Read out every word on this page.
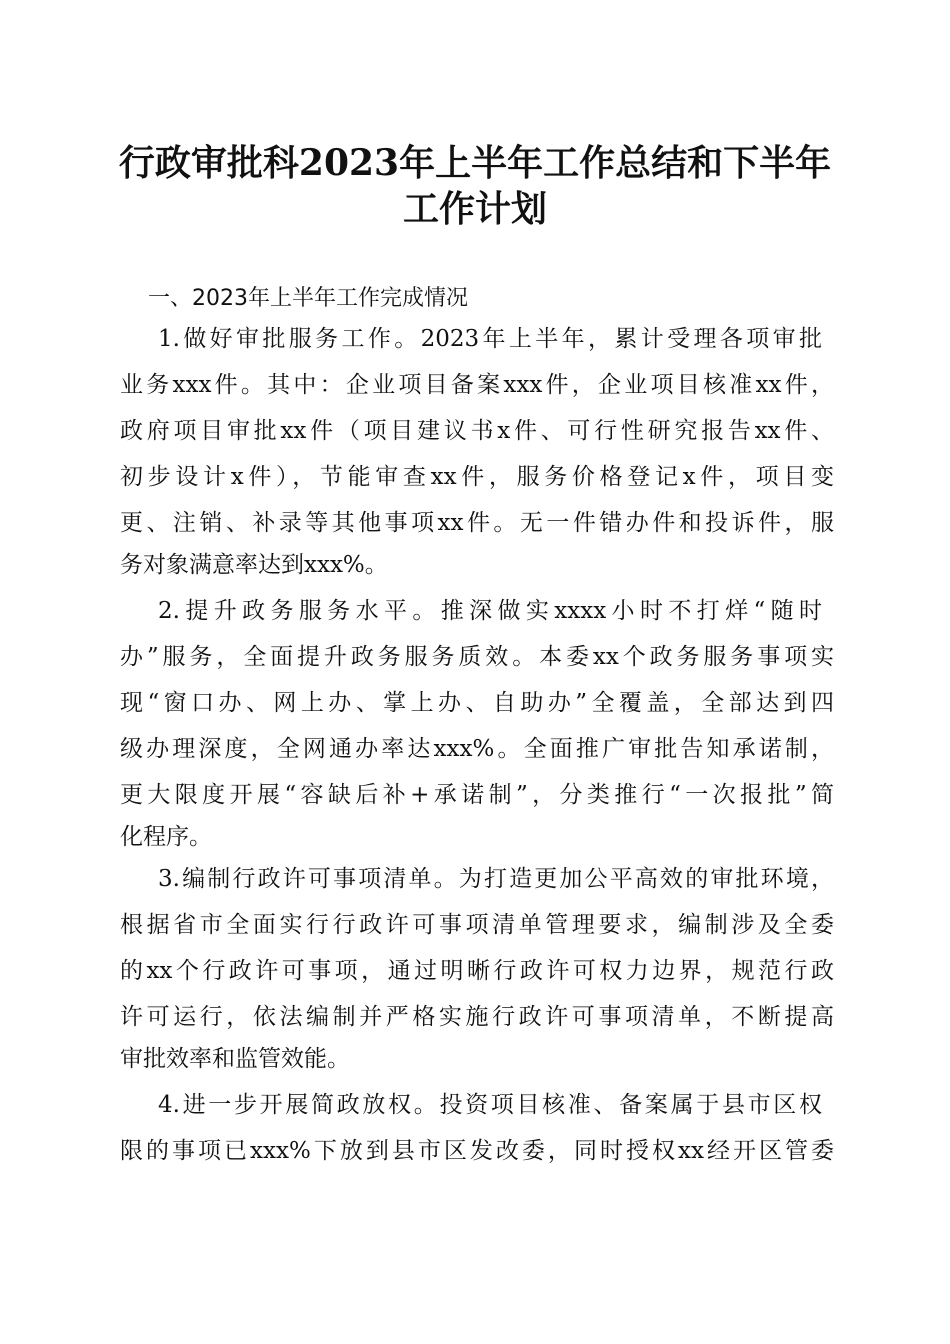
行政审批科2023年上半年工作总结和下半年
工作计划
一、2023年上半年工作完成情况
1.做好审批服务工作。2023年上半年，累计受理各项审批
业务xxx件。其中：企业项目备案xxx件，企业项目核准xx件，
政府项目审批xx件（项目建议书x件、可行性研究报告xx件、
初步设计x件），节能审查xx件，服务价格登记x件，项目变
更、注销、补录等其他事项xx件。无一件错办件和投诉件，服
务对象满意率达到xxx%。
2.提升政务服务水平。推深做实xxxx小时不打烊“随时
办”服务，全面提升政务服务质效。本委xx个政务服务事项实
现“窗口办、网上办、掌上办、自助办”全覆盖，全部达到四
级办理深度，全网通办率达xxx%。全面推广审批告知承诺制，
更大限度开展“容缺后补+承诺制”，分类推行“一次报批”简
化程序。
3.编制行政许可事项清单。为打造更加公平高效的审批环境，
根据省市全面实行行政许可事项清单管理要求，编制涉及全委
的xx个行政许可事项，通过明晰行政许可权力边界，规范行政
许可运行，依法编制并严格实施行政许可事项清单，不断提高
审批效率和监管效能。
4.进一步开展简政放权。投资项目核准、备案属于县市区权
限的事项已xxx%下放到县市区发改委，同时授权xx经开区管委
